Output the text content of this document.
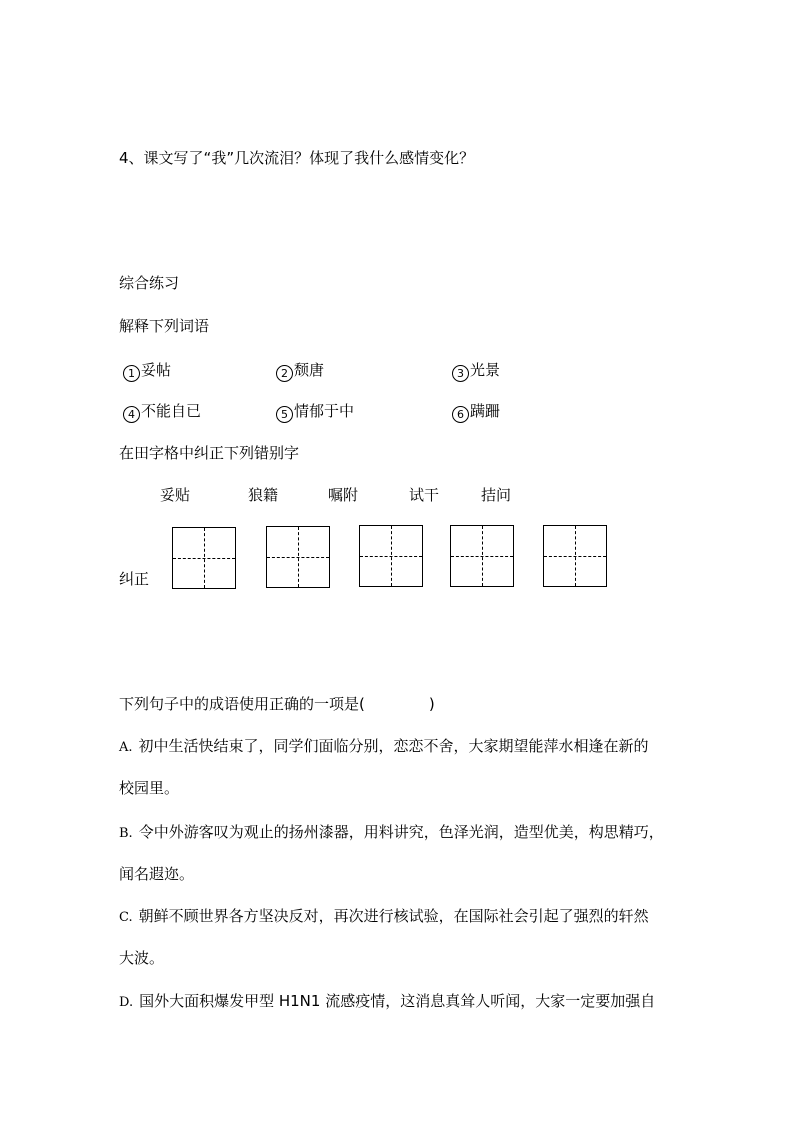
4、课文写了“我”几次流泪？体现了我什么感情变化？
综合练习
解释下列词语
1 妥帖	2 颓唐	3 光景
4 不能自已	5 情郁于中	6 蹒跚
在田字格中纠正下列错别字
妥贴	狼籍	嘱附	试干	拮问
纠正
下列句子中的成语使用正确的一项是(	)
A. 初中生活快结束了，同学们面临分别，恋恋不舍，大家期望能萍水相逢在新的
校园里。
B. 令中外游客叹为观止的扬州漆器，用料讲究，色泽光润，造型优美，构思精巧，
闻名遐迩。
C. 朝鲜不顾世界各方坚决反对，再次进行核试验，在国际社会引起了强烈的轩然
大波。
D. 国外大面积爆发甲型 H1N1 流感疫情，这消息真耸人听闻，大家一定要加强自
